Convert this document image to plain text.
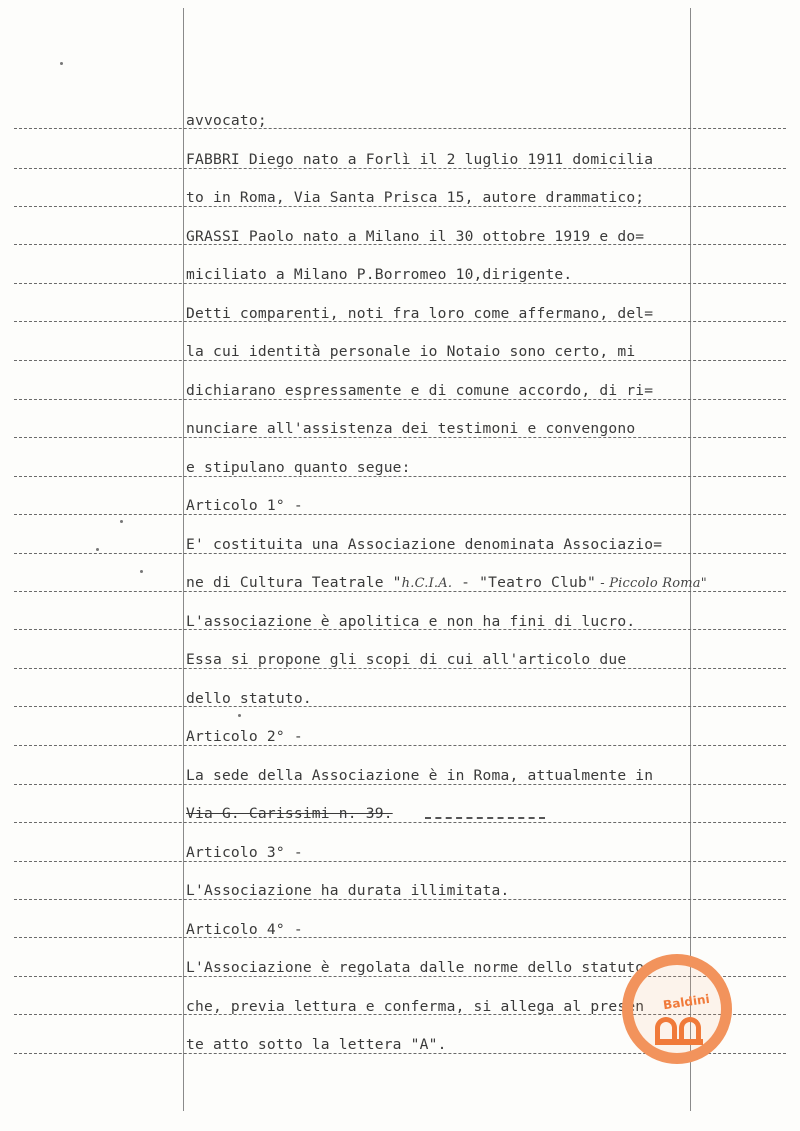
avvocato;
FABBRI Diego nato a Forlì il 2 luglio 1911 domicilia
to in Roma, Via Santa Prisca 15, autore drammatico;
GRASSI Paolo nato a Milano il 30 ottobre 1919 e do=
miciliato a Milano P.Borromeo 10,dirigente.
Detti comparenti, noti fra loro come affermano, del=
la cui identità personale io Notaio sono certo, mi
dichiarano espressamente e di comune accordo, di ri=
nunciare all'assistenza dei testimoni e convengono
e stipulano quanto segue:
Articolo 1° -
E' costituita una Associazione denominata Associazio=
ne di Cultura Teatrale "h.C.I.A. - "Teatro Club" - Piccolo Roma"
L'associazione è apolitica e non ha fini di lucro.
Essa si propone gli scopi di cui all'articolo due
dello statuto.
Articolo 2° -
La sede della Associazione è in Roma, attualmente in
Via G. Carissimi n. 39.
Articolo 3° -
L'Associazione ha durata illimitata.
Articolo 4° -
L'Associazione è regolata dalle norme dello statuto
che, previa lettura e conferma, si allega al presen
te atto sotto la lettera "A".
Baldini
